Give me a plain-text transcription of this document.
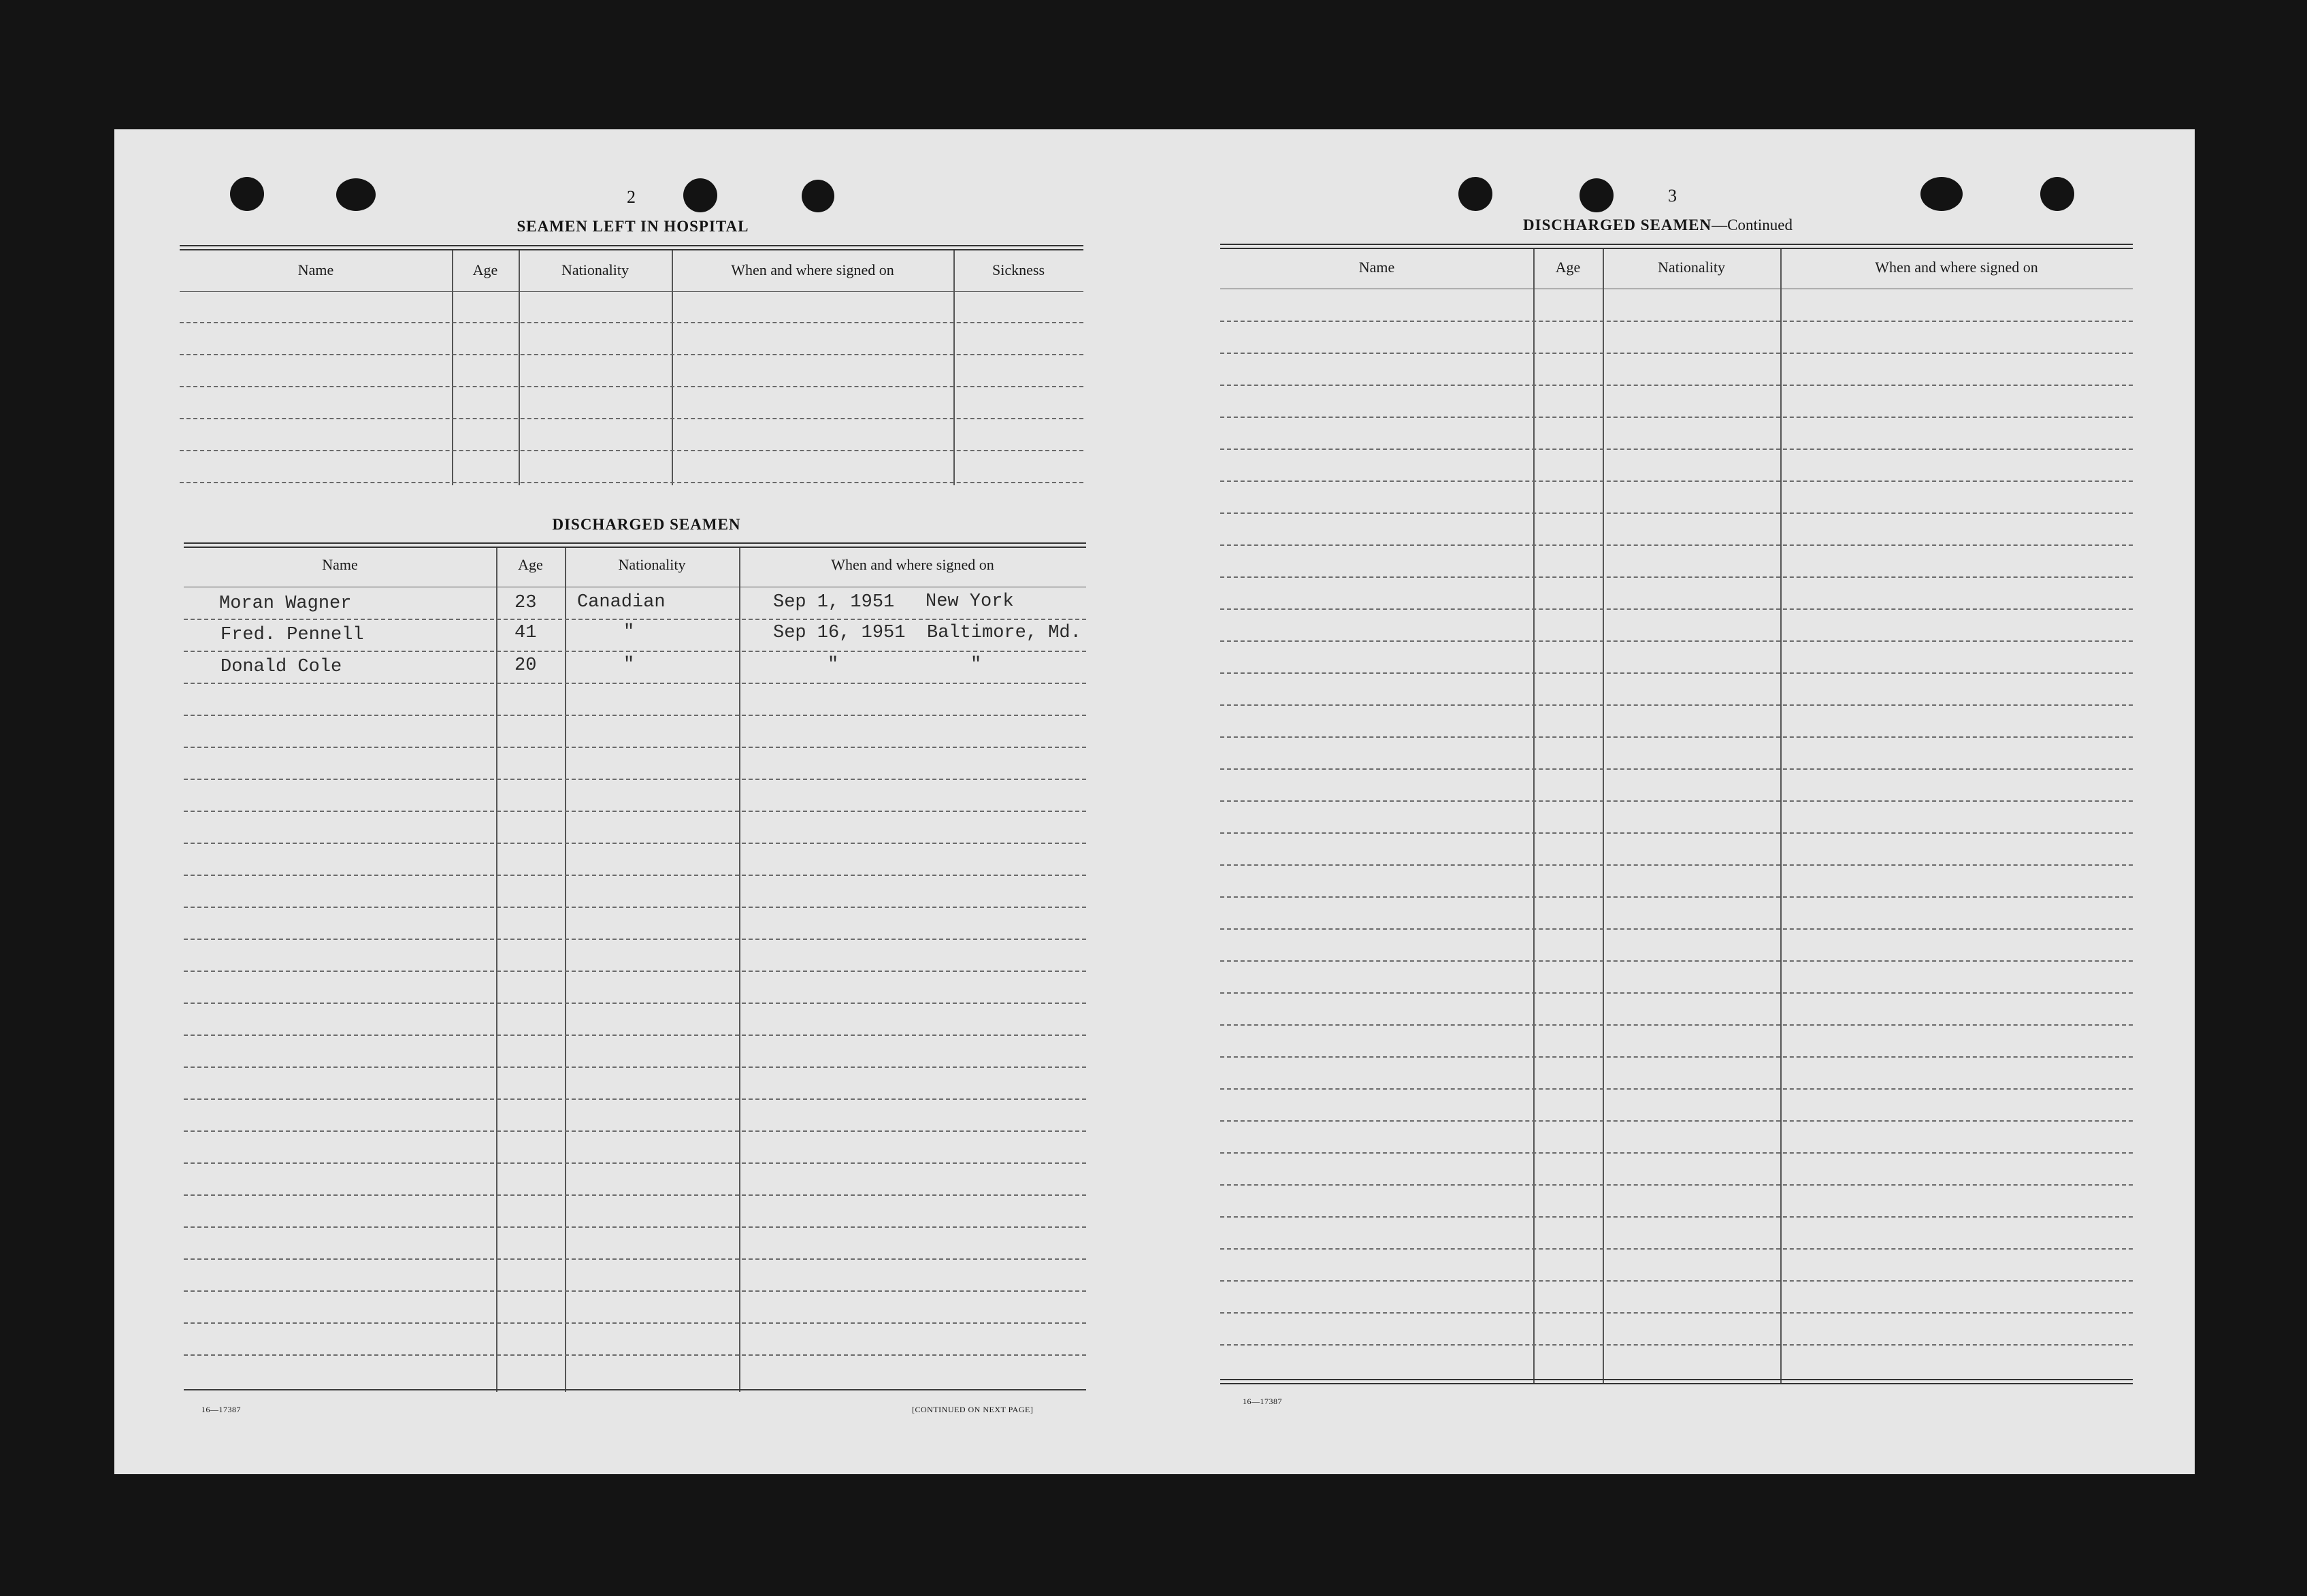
2
SEAMEN LEFT IN HOSPITAL
Name	Age	Nationality	When and where signed on	Sickness
DISCHARGED SEAMEN
Name	Age	Nationality	When and where signed on
Moran Wagner	23 Canadian	Sep 1, 1951 New York
Fred. Pennell	41	"	Sep 16, 1951 Baltimore, Md.
Donald Cole	20	"	"	"
16—17387	[CONTINUED ON NEXT PAGE]
3
DISCHARGED SEAMEN—Continued
Name	Age	Nationality	When and where signed on
16—17387
